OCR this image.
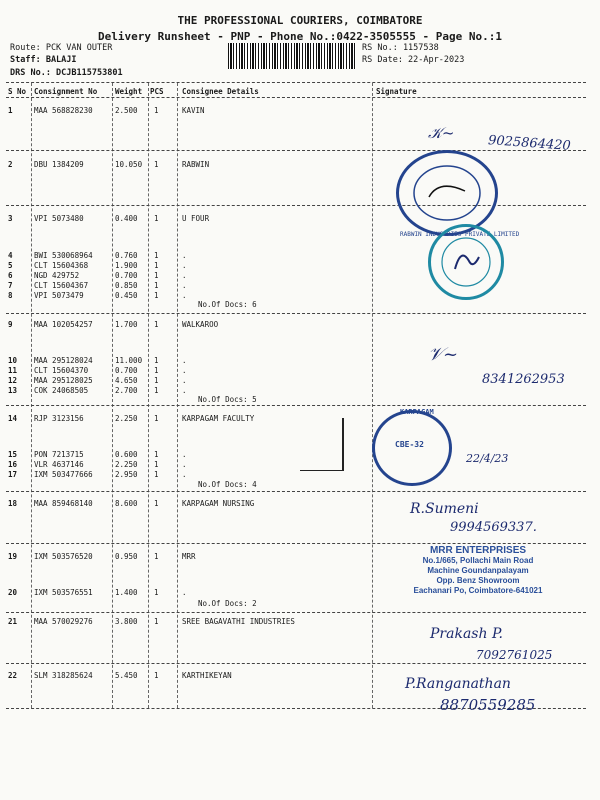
THE PROFESSIONAL COURIERS, COIMBATORE
Delivery Runsheet - PNP - Phone No.:0422-3505555 - Page No.:1
Route: PCK VAN OUTER
Staff: BALAJI
DRS No.: DCJB115753801
RS No.: 1157538
RS Date: 22-Apr-2023
S No Consignment No Weight PCS Consignee Details	Signature
1	MAA 568828230	2.500 1	KAVIN
2	DBU 1384209	10.050 1	RABWIN
3	VPI 5073480	0.400 1	U FOUR
4	BWI 530068964	0.760 1	.
5	CLT 15604368	1.900 1	.
6	NGD 429752	0.700 1	.
7	CLT 15604367	0.850 1	.
8	VPI 5073479	0.450 1	.
No.Of Docs: 6
9	MAA 102054257	1.700 1	WALKAROO
10 MAA 295128024	11.000 1	.
11 CLT 15604370	0.700 1	.
12 MAA 295128025	4.650 1	.
13 COK 24068505	2.700 1	.
No.Of Docs: 5
14 RJP 3123156	2.250 1	KARPAGAM FACULTY
15 PON 7213715	0.600 1	.
16 VLR 4637146	2.250 1	.
17 IXM 503477666	2.950 1	.
No.Of Docs: 4
18 MAA 859468140	8.600 1	KARPAGAM NURSING
19 IXM 503576520	0.950 1	MRR
20 IXM 503576551	1.400 1	.
No.Of Docs: 2
21 MAA 570029276	3.800 1	SREE BAGAVATHI INDUSTRIES
22 SLM 318285624	5.450 1	KARTHIKEYAN
𝒦~
9025864420
RABWIN INDUSTRIES PRIVATE LIMITED
𝒱~
8341262953
KARPAGAM
CBE-32
22/4/23
R.Sumeni
9994569337.
MRR ENTERPRISES
No.1/665, Pollachi Main Road
Machine Goundanpalayam
Opp. Benz Showroom
Eachanari Po, Coimbatore-641021
Prakash P.
7092761025
P.Ranganathan
8870559285
